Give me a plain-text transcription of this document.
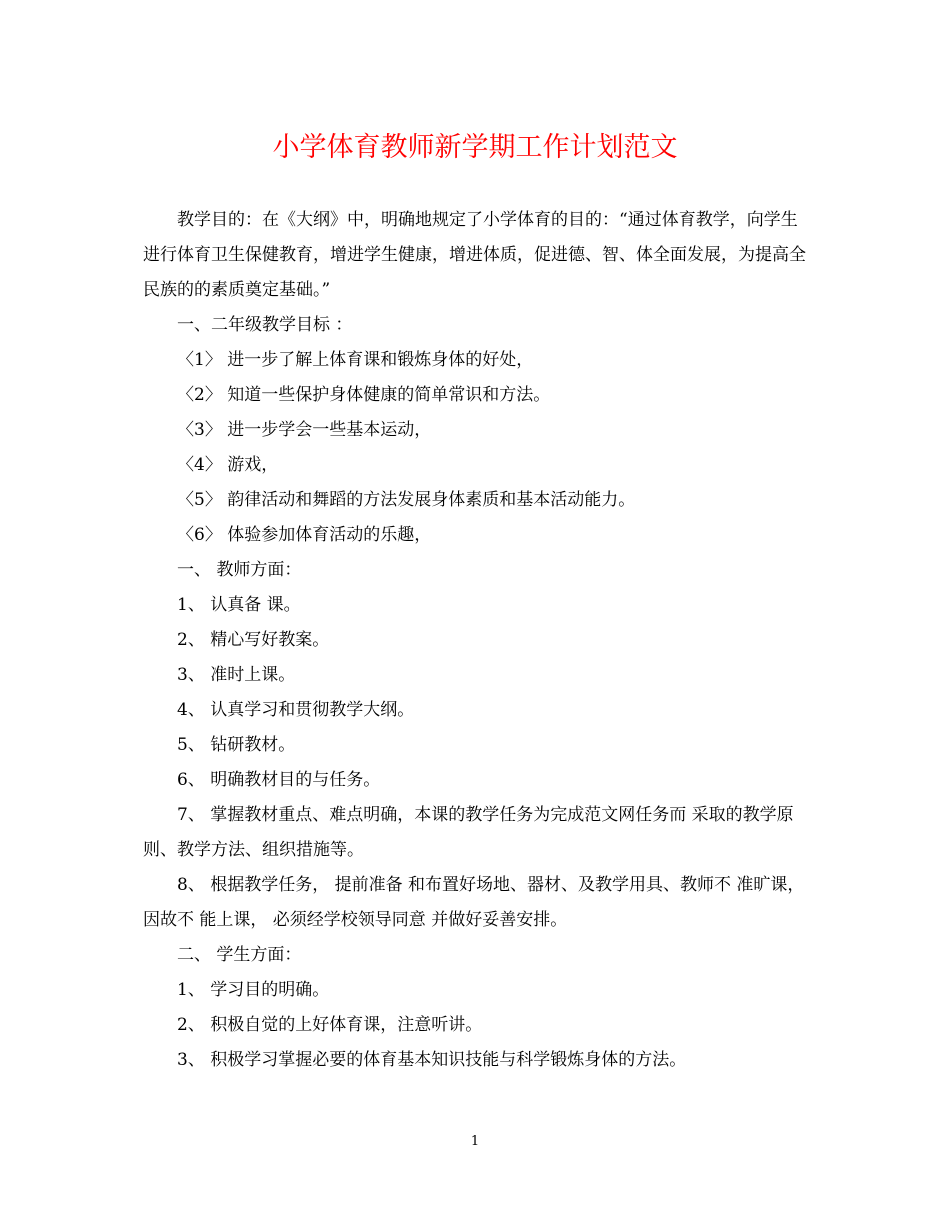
小学体育教师新学期工作计划范文

教学目的：在《大纲》中，明确地规定了小学体育的目的：“通过体育教学，向学生进行体育卫生保健教育，增进学生健康，增进体质，促进德、智、体全面发展，为提高全民族的的素质奠定基础。”

一、二年级教学目标 ：

〈1〉 进一步了解上体育课和锻炼身体的好处，

〈2〉 知道一些保护身体健康的简单常识和方法。

〈3〉 进一步学会一些基本运动，

〈4〉 游戏，

〈5〉 韵律活动和舞蹈的方法发展身体素质和基本活动能力。

〈6〉 体验参加体育活动的乐趣，

一、 教师方面：

1、 认真备 课。

2、 精心写好教案。

3、 准时上课。

4、 认真学习和贯彻教学大纲。

5、 钻研教材。

6、 明确教材目的与任务。

7、 掌握教材重点、难点明确，本课的教学任务为完成范文网任务而 采取的教学原则、教学方法、组织措施等。

8、 根据教学任务， 提前准备 和布置好场地、器材、及教学用具、教师不 准旷课，因故不 能上课， 必须经学校领导同意 并做好妥善安排。

二、 学生方面：

1、 学习目的明确。

2、 积极自觉的上好体育课，注意听讲。

3、 积极学习掌握必要的体育基本知识技能与科学锻炼身体的方法。

1
